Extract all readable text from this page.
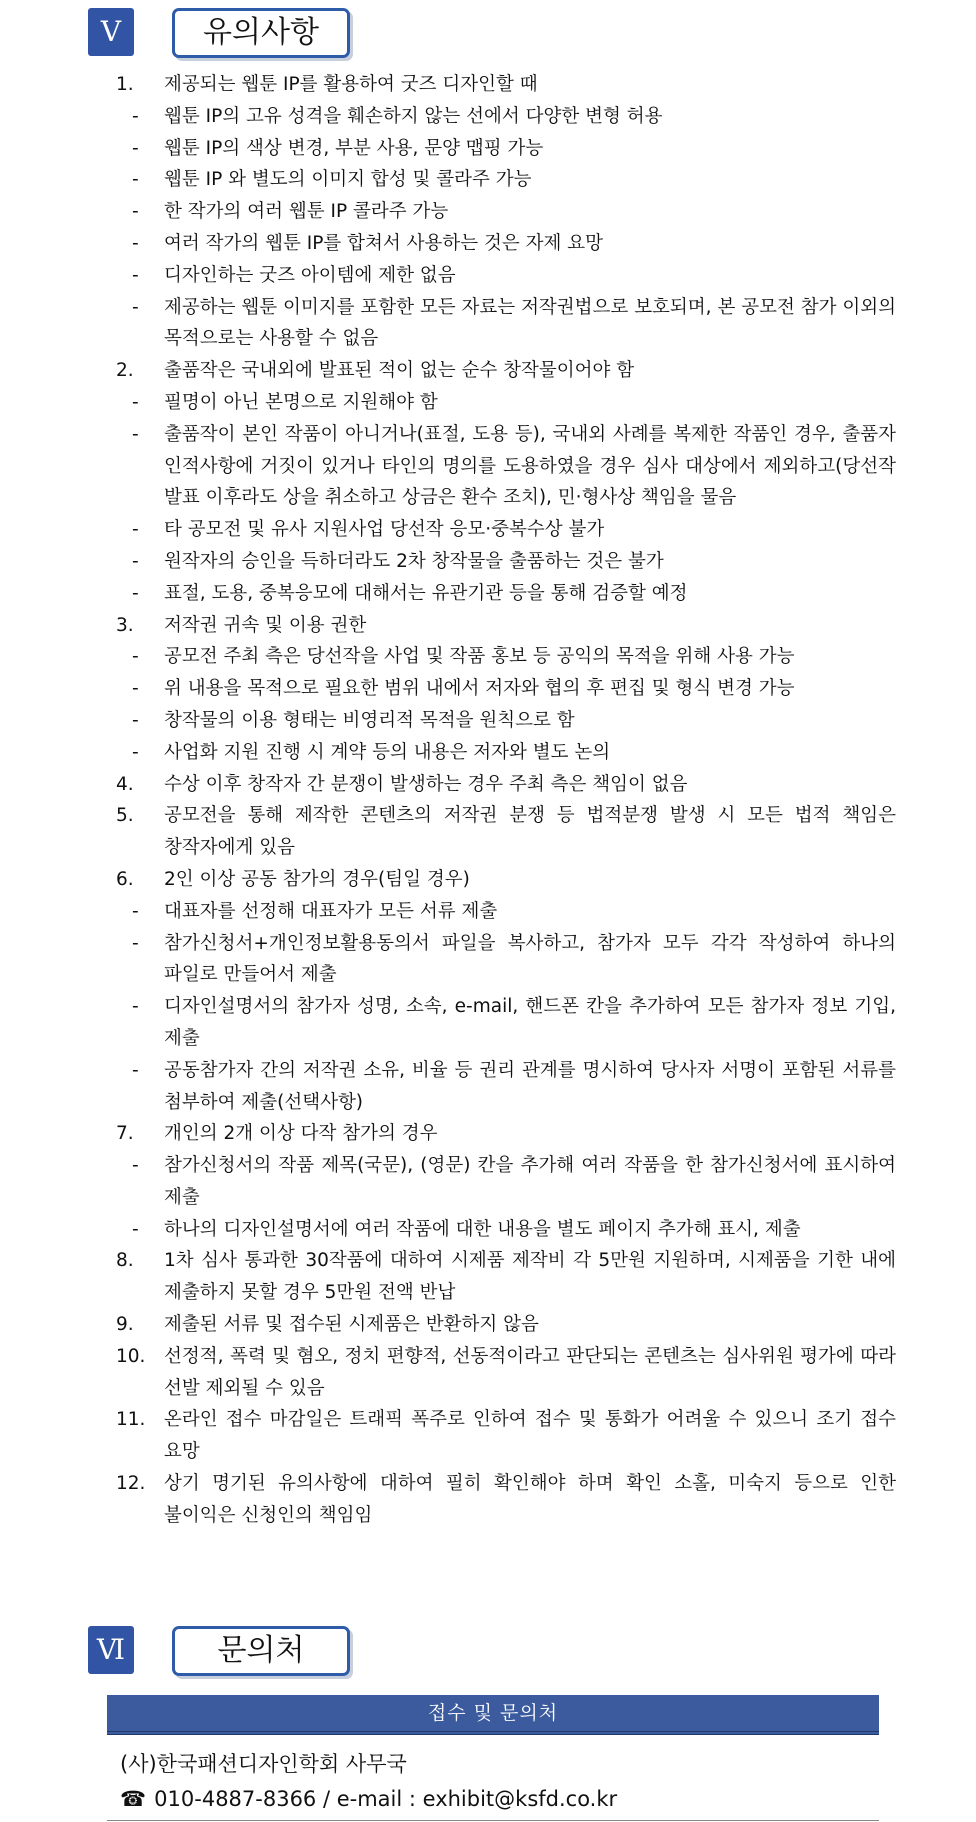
Ⅴ	유의사항
1. 제공되는 웹툰 IP를 활용하여 굿즈 디자인할 때
- 웹툰 IP의 고유 성격을 훼손하지 않는 선에서 다양한 변형 허용
- 웹툰 IP의 색상 변경, 부분 사용, 문양 맵핑 가능
- 웹툰 IP 와 별도의 이미지 합성 및 콜라주 가능
- 한 작가의 여러 웹툰 IP 콜라주 가능
- 여러 작가의 웹툰 IP를 합쳐서 사용하는 것은 자제 요망
- 디자인하는 굿즈 아이템에 제한 없음
- 제공하는 웹툰 이미지를 포함한 모든 자료는 저작권법으로 보호되며, 본 공모전 참가 이외의 목적으로는 사용할 수 없음
2. 출품작은 국내외에 발표된 적이 없는 순수 창작물이어야 함
- 필명이 아닌 본명으로 지원해야 함
- 출품작이 본인 작품이 아니거나(표절, 도용 등), 국내외 사례를 복제한 작품인 경우, 출품자 인적사항에 거짓이 있거나 타인의 명의를 도용하였을 경우 심사 대상에서 제외하고(당선작 발표 이후라도 상을 취소하고 상금은 환수 조치), 민·형사상 책임을 물음
- 타 공모전 및 유사 지원사업 당선작 응모·중복수상 불가
- 원작자의 승인을 득하더라도 2차 창작물을 출품하는 것은 불가
- 표절, 도용, 중복응모에 대해서는 유관기관 등을 통해 검증할 예정
3. 저작권 귀속 및 이용 권한
- 공모전 주최 측은 당선작을 사업 및 작품 홍보 등 공익의 목적을 위해 사용 가능
- 위 내용을 목적으로 필요한 범위 내에서 저자와 협의 후 편집 및 형식 변경 가능
- 창작물의 이용 형태는 비영리적 목적을 원칙으로 함
- 사업화 지원 진행 시 계약 등의 내용은 저자와 별도 논의
4. 수상 이후 창작자 간 분쟁이 발생하는 경우 주최 측은 책임이 없음
5. 공모전을 통해 제작한 콘텐츠의 저작권 분쟁 등 법적분쟁 발생 시 모든 법적 책임은 창작자에게 있음
6. 2인 이상 공동 참가의 경우(팀일 경우)
- 대표자를 선정해 대표자가 모든 서류 제출
- 참가신청서+개인정보활용동의서 파일을 복사하고, 참가자 모두 각각 작성하여 하나의 파일로 만들어서 제출
- 디자인설명서의 참가자 성명, 소속, e-mail, 핸드폰 칸을 추가하여 모든 참가자 정보 기입, 제출
- 공동참가자 간의 저작권 소유, 비율 등 권리 관계를 명시하여 당사자 서명이 포함된 서류를 첨부하여 제출(선택사항)
7. 개인의 2개 이상 다작 참가의 경우
- 참가신청서의 작품 제목(국문), (영문) 칸을 추가해 여러 작품을 한 참가신청서에 표시하여 제출
- 하나의 디자인설명서에 여러 작품에 대한 내용을 별도 페이지 추가해 표시, 제출
8. 1차 심사 통과한 30작품에 대하여 시제품 제작비 각 5만원 지원하며, 시제품을 기한 내에 제출하지 못할 경우 5만원 전액 반납
9. 제출된 서류 및 접수된 시제품은 반환하지 않음
10. 선정적, 폭력 및 혐오, 정치 편향적, 선동적이라고 판단되는 콘텐츠는 심사위원 평가에 따라 선발 제외될 수 있음
11. 온라인 접수 마감일은 트래픽 폭주로 인하여 접수 및 통화가 어려울 수 있으니 조기 접수 요망
12. 상기 명기된 유의사항에 대하여 필히 확인해야 하며 확인 소홀, 미숙지 등으로 인한 불이익은 신청인의 책임임
Ⅵ	문의처
접수 및 문의처
(사)한국패션디자인학회 사무국
☎ 010-4887-8366 / e-mail : exhibit@ksfd.co.kr
